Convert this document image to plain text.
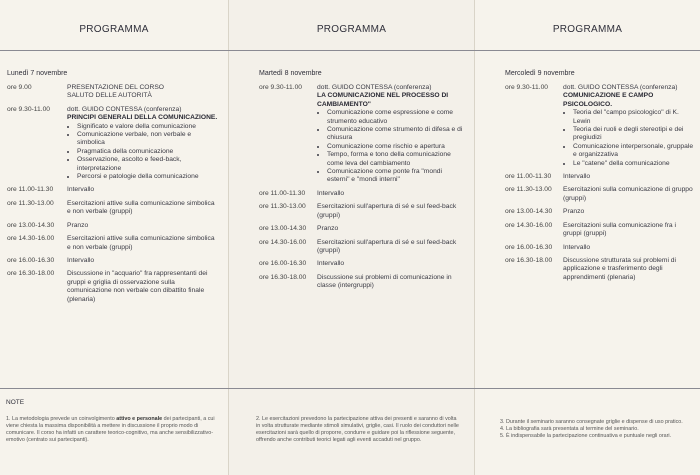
PROGRAMMA
Lunedì 7 novembre
ore 9.00	PRESENTAZIONE DEL CORSO
SALUTO DELLE AUTORITÀ
ore 9.30-11.00	dott. GUIDO CONTESSA (conferenza)
PRINCIPI GENERALI DELLA COMUNICAZIONE.
• Significato e valore della comunicazione
• Comunicazione verbale, non verbale e simbolica
• Pragmatica della comunicazione
• Osservazione, ascolto e feed-back, interpretazione
• Percorsi e patologie della comunicazione
ore 11.00-11.30	Intervallo
ore 11.30-13.00	Esercitazioni attive sulla comunicazione simbolica e non verbale (gruppi)
ore 13.00-14.30	Pranzo
ore 14.30-16.00	Esercitazioni attive sulla comunicazione simbolica e non verbale (gruppi)
ore 16.00-16.30	Intervallo
ore 16.30-18.00	Discussione in "acquario" fra rappresentanti dei gruppi e griglia di osservazione sulla comunicazione non verbale con dibattito finale (plenaria)
PROGRAMMA
Martedì 8 novembre
ore 9.30-11.00	dott. GUIDO CONTESSA (conferenza)
LA COMUNICAZIONE NEL PROCESSO DI CAMBIAMENTO"
• Comunicazione come espressione e come strumento educativo
• Comunicazione come strumento di difesa e di chiusura
• Comunicazione come rischio e apertura
• Tempo, forma e tono della comunicazione come leva del cambiamento
• Comunicazione come ponte fra "mondi esterni" e "mondi interni"
ore 11.00-11.30	Intervallo
ore 11.30-13.00	Esercitazioni sull'apertura di sé e sul feed-back (gruppi)
ore 13.00-14.30	Pranzo
ore 14.30-16.00	Esercitazioni sull'apertura di sé e sul feed-back (gruppi)
ore 16.00-16.30	Intervallo
ore 16.30-18.00	Discussione sui problemi di comunicazione in classe (intergruppi)
PROGRAMMA
Mercoledì 9 novembre
ore 9.30-11.00	dott. GUIDO CONTESSA (conferenza)
COMUNICAZIONE E CAMPO PSICOLOGICO.
• Teoria del "campo psicologico" di K. Lewin
• Teoria dei ruoli e degli stereotipi e dei pregiudizi
• Comunicazione interpersonale, gruppale e organizzativa
• Le "catene" della comunicazione
ore 11.00-11.30	Intervallo
ore 11.30-13.00	Esercitazioni sulla comunicazione di gruppo (gruppi)
ore 13.00-14.30	Pranzo
ore 14.30-16.00	Esercitazioni sulla comunicazione fra i gruppi (gruppi)
ore 16.00-16.30	Intervallo
ore 16.30-18.00	Discussione strutturata sui problemi di applicazione e trasferimento degli apprendimenti (plenaria)
NOTE
1. La metodologia prevede un coinvolgimento attivo e personale dei partecipanti, a cui viene chiesta la massima disponibilità a mettere in discussione il proprio modo di comunicare. Il corso ha infatti un carattere teorico-cognitivo, ma anche sensibilizzativo-emotivo (centrato sui partecipanti).
2. Le esercitazioni prevedono la partecipazione attiva dei presenti e saranno di volta in volta strutturate mediante stimoli simulativi, griglie, casi. Il ruolo dei conduttori nelle esercitazioni sarà quello di proporre, condurre e guidare poi la riflessione seguente, offrendo anche contributi teorici legati agli eventi accaduti nel gruppo.
3. Durante il seminario saranno consegnate griglie e dispense di uso pratico.
4. La bibliografia sarà presentata al termine del seminario.
5. È indispensabile la partecipazione continuativa e puntuale negli orari.
